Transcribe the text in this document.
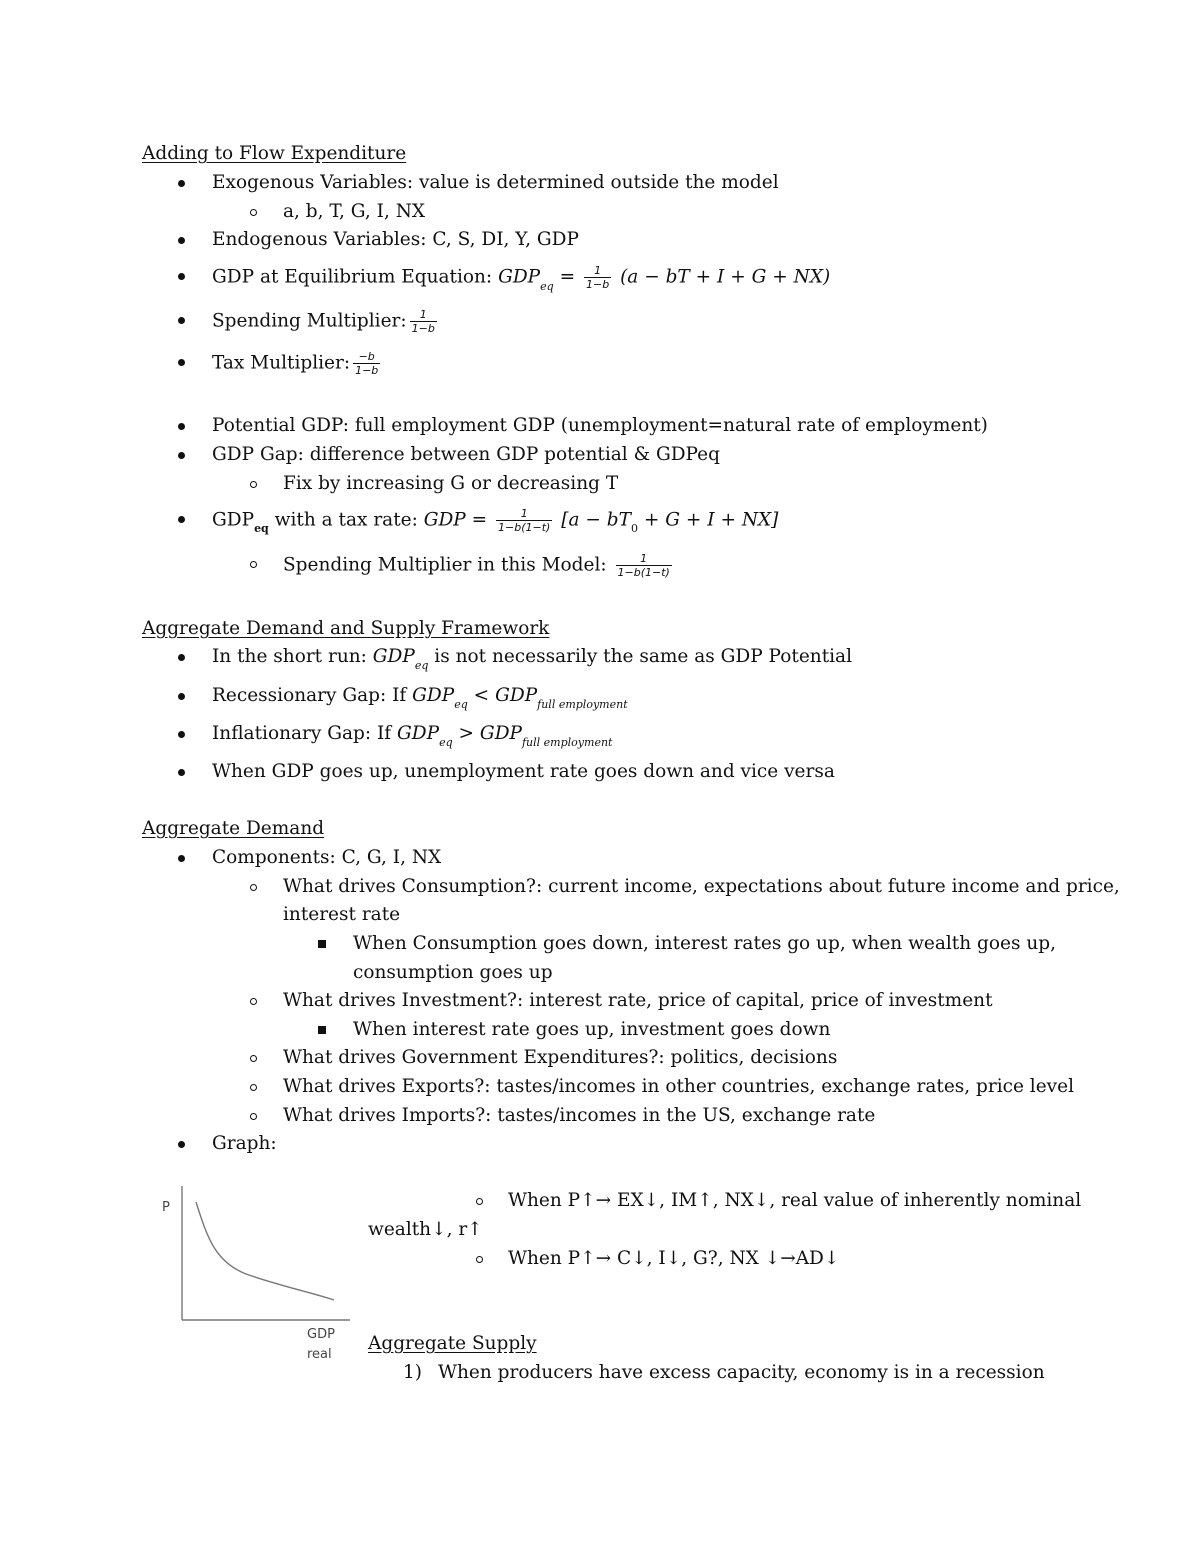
Adding to Flow Expenditure
Exogenous Variables: value is determined outside the model
a, b, T, G, I, NX
Endogenous Variables: C, S, DI, Y, GDP
GDP at Equilibrium Equation: $GDP_{eq} = \frac{1}{1-b} (a$ − bT + I + G + NX)
Spending Multiplier: $\frac{1}{1-b}$
Tax Multiplier: $\frac{-b}{1-b}$
Potential GDP: full employment GDP (unemployment=natural rate of employment)
GDP Gap: difference between GDP potential & GDPeq
Fix by increasing G or decreasing T
$GDP_{eq}$ with a tax rate: GDP = $\frac{1}{1-b(1-t)} [a - bT_0 + G + I + NX]$
Spending Multiplier in this Model: $\frac{1}{1-b(1-t)}$
Aggregate Demand and Supply Framework
In the short run: $GDP_{eq}$ is not necessarily the same as GDP Potential
Recessionary Gap: If $GDP_{eq} < GDP_{full employment}$
Inflationary Gap: If $GDP_{eq} > GDP_{full employment}$
When GDP goes up, unemployment rate goes down and vice versa
Aggregate Demand
Components: C, G, I, NX
What drives Consumption?: current income, expectations about future income and price,
interest rate
When Consumption goes down, interest rates go up, when wealth goes up,
consumption goes up
What drives Investment?: interest rate, price of capital, price of investment
When interest rate goes up, investment goes down
What drives Government Expenditures?: politics, decisions
What drives Exports?: tastes/incomes in other countries, exchange rates, price level
What drives Imports?: tastes/incomes in the US, exchange rate
Graph:
P
GDP
real
When P↑→ EX↓, IM↑, NX↓, real value of inherently nominal
wealth↓, r↑
When P↑→ C↓, I↓, G?, NX ↓→AD↓
Aggregate Supply
1) When producers have excess capacity, economy is in a recession
